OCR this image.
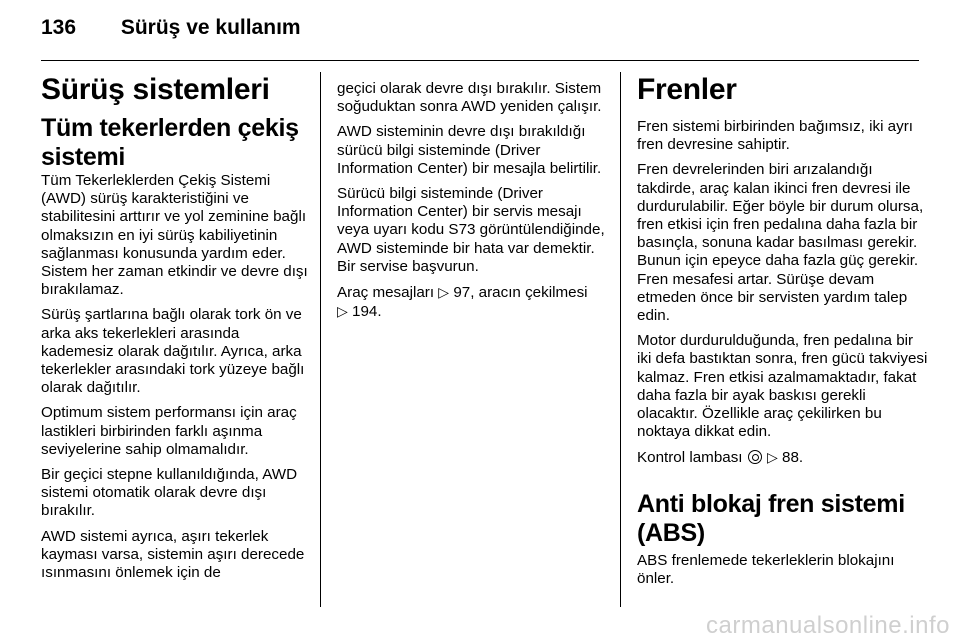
136 Sürüş ve kullanım
Sürüş sistemleri
Tüm tekerlerden çekiş sistemi

Tüm Tekerleklerden Çekiş Sistemi (AWD) sürüş karakteristiğini ve stabilitesini arttırır ve yol zeminine bağlı olmaksızın en iyi sürüş kabiliyetinin sağlanması konusunda yardım eder. Sistem her zaman etkindir ve devre dışı bırakılamaz.

Sürüş şartlarına bağlı olarak tork ön ve arka aks tekerlekleri arasında kademesiz olarak dağıtılır. Ayrıca, arka tekerlekler arasındaki tork yüzeye bağlı olarak dağıtılır.

Optimum sistem performansı için araç lastikleri birbirinden farklı aşınma seviyelerine sahip olmamalıdır.

Bir geçici stepne kullanıldığında, AWD sistemi otomatik olarak devre dışı bırakılır.

AWD sistemi ayrıca, aşırı tekerlek kayması varsa, sistemin aşırı derecede ısınmasını önlemek için de

geçici olarak devre dışı bırakılır. Sistem soğuduktan sonra AWD yeniden çalışır.

AWD sisteminin devre dışı bırakıldığı sürücü bilgi sisteminde (Driver Information Center) bir mesajla belirtilir.

Sürücü bilgi sisteminde (Driver Information Center) bir servis mesajı veya uyarı kodu S73 görüntülendiğinde, AWD sisteminde bir hata var demektir. Bir servise başvurun.

Araç mesajları ▷ 97, aracın çekilmesi
▷ 194.

Frenler

Fren sistemi birbirinden bağımsız, iki ayrı fren devresine sahiptir.

Fren devrelerinden biri arızalandığı takdirde, araç kalan ikinci fren devresi ile durdurulabilir. Eğer böyle bir durum olursa, fren etkisi için fren pedalına daha fazla bir basınçla, sonuna kadar basılması gerekir. Bunun için epeyce daha fazla güç gerekir. Fren mesafesi artar. Sürüşe devam etmeden önce bir servisten yardım talep edin.

Motor durdurulduğunda, fren pedalına bir iki defa bastıktan sonra, fren gücü takviyesi kalmaz. Fren etkisi azalmamaktadır, fakat daha fazla bir ayak baskısı gerekli olacaktır. Özellikle araç çekilirken bu noktaya dikkat edin.

Kontrol lambası ▷ 88.

Anti blokaj fren sistemi (ABS)

ABS frenlemede tekerleklerin blokajını önler.

carmanualsonline.info
